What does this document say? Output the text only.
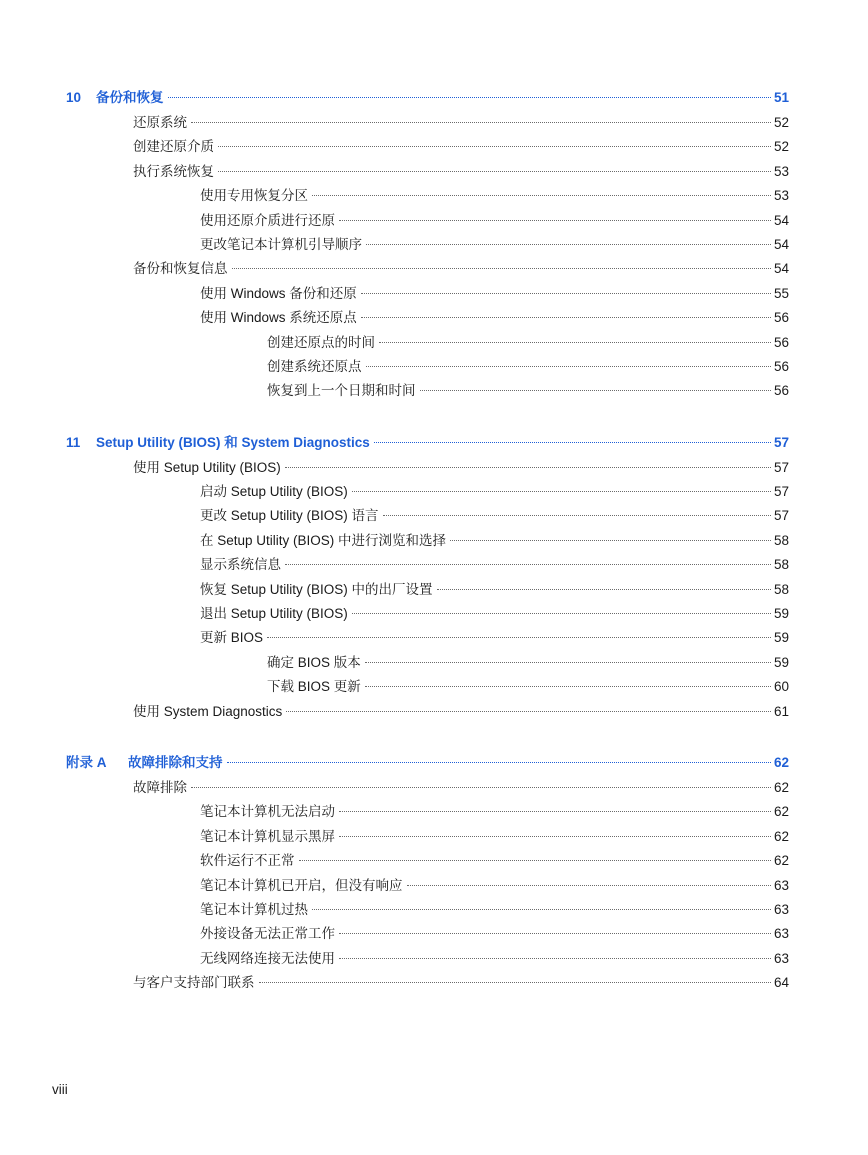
10 备份和恢复	51
还原系统	52
创建还原介质	52
执行系统恢复	53
使用专用恢复分区	53
使用还原介质进行还原	54
更改笔记本计算机引导顺序	54
备份和恢复信息	54
使用 Windows 备份和还原	55
使用 Windows 系统还原点	56
创建还原点的时间	56
创建系统还原点	56
恢复到上一个日期和时间	56
11 Setup Utility (BIOS) 和 System Diagnostics	57
使用 Setup Utility (BIOS)	57
启动 Setup Utility (BIOS)	57
更改 Setup Utility (BIOS) 语言	57
在 Setup Utility (BIOS) 中进行浏览和选择	58
显示系统信息	58
恢复 Setup Utility (BIOS) 中的出厂设置	58
退出 Setup Utility (BIOS)	59
更新 BIOS	59
确定 BIOS 版本	59
下载 BIOS 更新	60
使用 System Diagnostics	61
附录 A 故障排除和支持	62
故障排除	62
笔记本计算机无法启动	62
笔记本计算机显示黑屏	62
软件运行不正常	62
笔记本计算机已开启，但没有响应	63
笔记本计算机过热	63
外接设备无法正常工作	63
无线网络连接无法使用	63
与客户支持部门联系	64
viii
